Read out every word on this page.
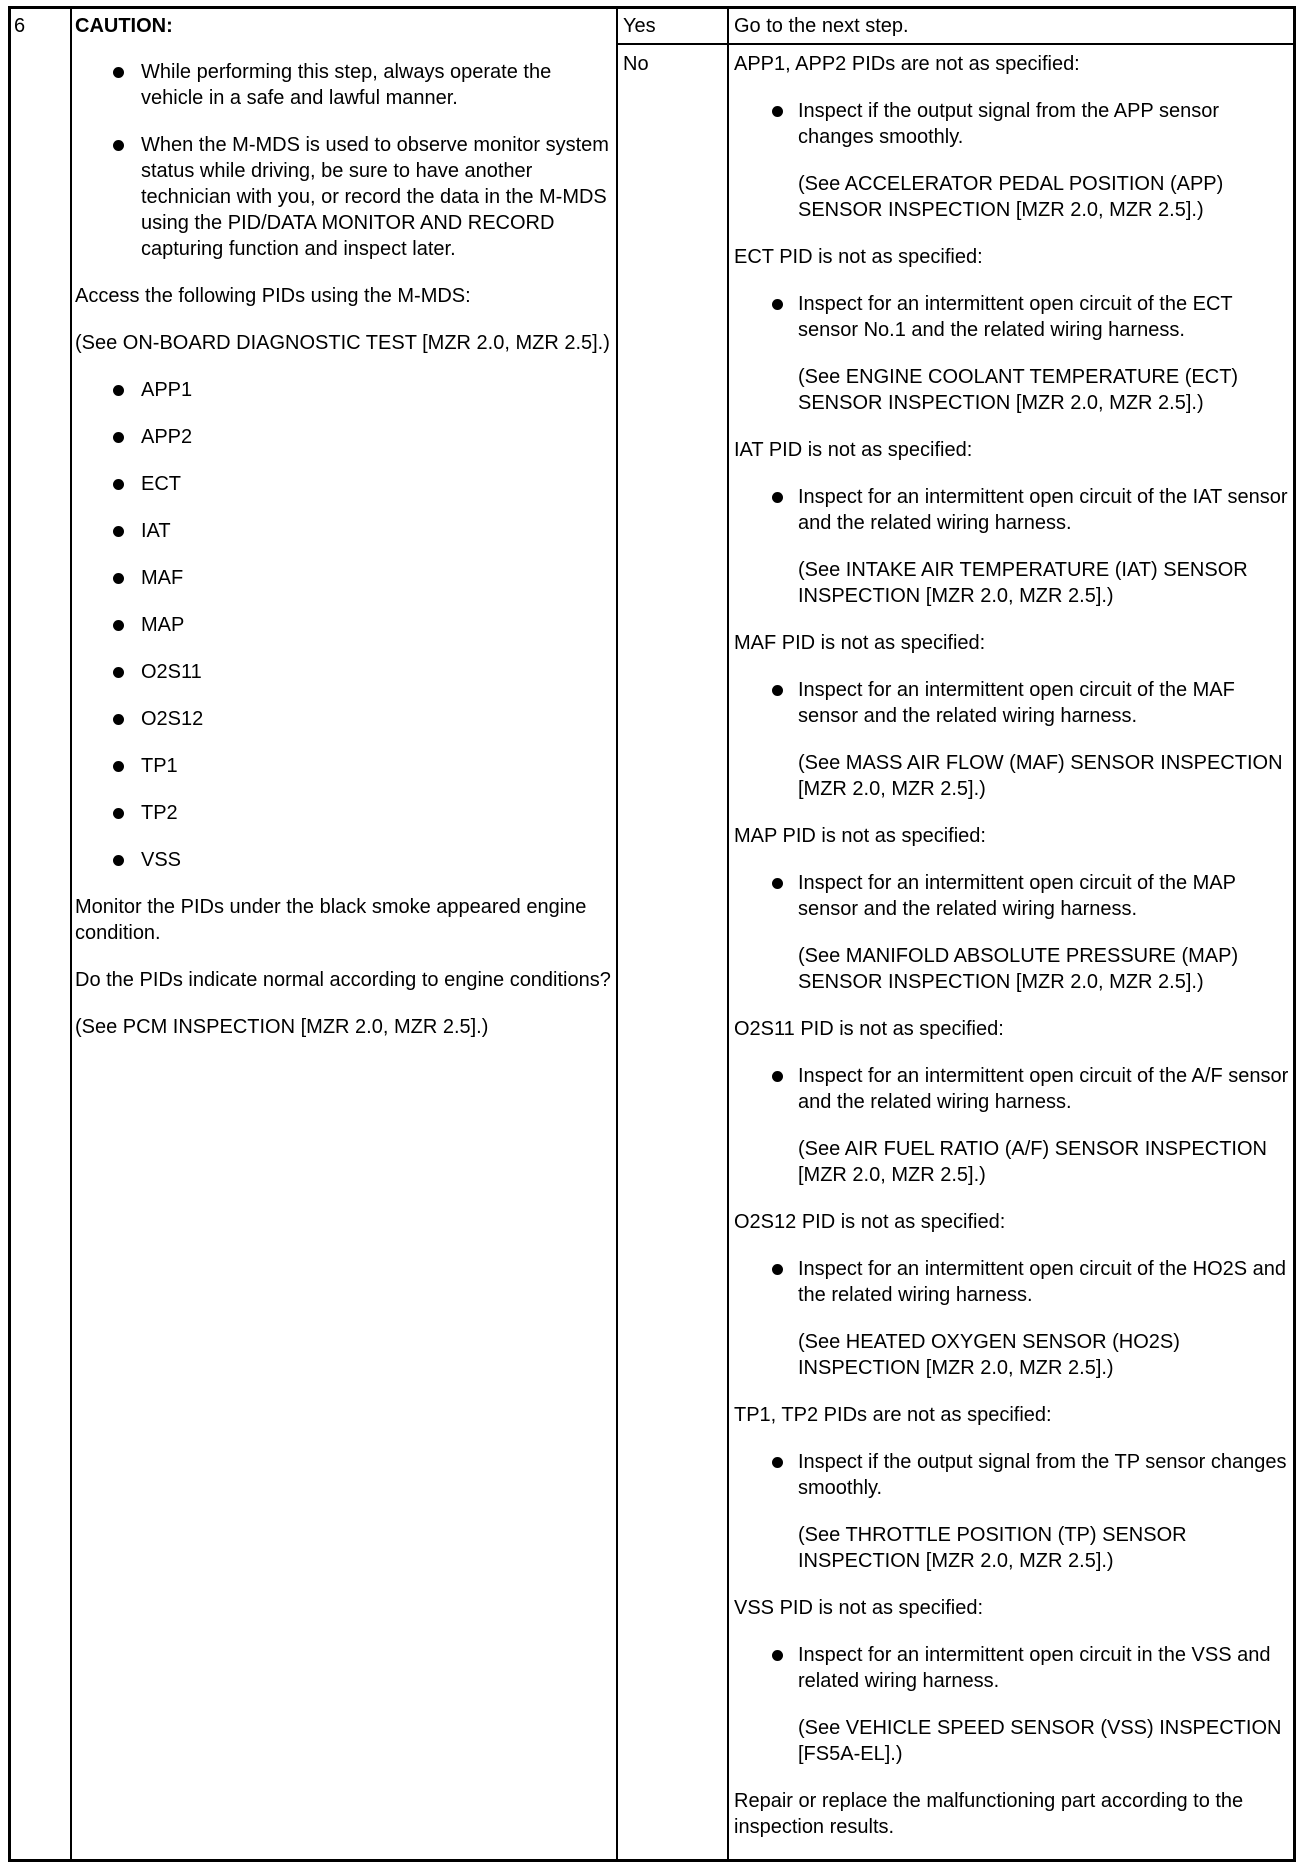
6 CAUTION:

While performing this step, always operate the vehicle in a safe and lawful manner.
When the M-MDS is used to observe monitor system status while driving, be sure to have another technician with you, or record the data in the M-MDS using the PID/DATA MONITOR AND RECORD capturing function and inspect later.

Access the following PIDs using the M-MDS:

(See ON-BOARD DIAGNOSTIC TEST [MZR 2.0, MZR 2.5].)

APP1
APP2
ECT
IAT
MAF
MAP
O2S11
O2S12
TP1
TP2
VSS

Monitor the PIDs under the black smoke appeared engine condition.

Do the PIDs indicate normal according to engine conditions?

(See PCM INSPECTION [MZR 2.0, MZR 2.5].)

Yes	Go to the next step.
No	APP1, APP2 PIDs are not as specified:

Inspect if the output signal from the APP sensor changes smoothly.

(See ACCELERATOR PEDAL POSITION (APP) SENSOR INSPECTION [MZR 2.0, MZR 2.5].)

ECT PID is not as specified:

Inspect for an intermittent open circuit of the ECT sensor No.1 and the related wiring harness.

(See ENGINE COOLANT TEMPERATURE (ECT) SENSOR INSPECTION [MZR 2.0, MZR 2.5].)

IAT PID is not as specified:

Inspect for an intermittent open circuit of the IAT sensor and the related wiring harness.

(See INTAKE AIR TEMPERATURE (IAT) SENSOR INSPECTION [MZR 2.0, MZR 2.5].)

MAF PID is not as specified:

Inspect for an intermittent open circuit of the MAF sensor and the related wiring harness.

(See MASS AIR FLOW (MAF) SENSOR INSPECTION [MZR 2.0, MZR 2.5].)

MAP PID is not as specified:

Inspect for an intermittent open circuit of the MAP sensor and the related wiring harness.

(See MANIFOLD ABSOLUTE PRESSURE (MAP) SENSOR INSPECTION [MZR 2.0, MZR 2.5].)

O2S11 PID is not as specified:

Inspect for an intermittent open circuit of the A/F sensor and the related wiring harness.

(See AIR FUEL RATIO (A/F) SENSOR INSPECTION [MZR 2.0, MZR 2.5].)

O2S12 PID is not as specified:

Inspect for an intermittent open circuit of the HO2S and the related wiring harness.

(See HEATED OXYGEN SENSOR (HO2S) INSPECTION [MZR 2.0, MZR 2.5].)

TP1, TP2 PIDs are not as specified:

Inspect if the output signal from the TP sensor changes smoothly.

(See THROTTLE POSITION (TP) SENSOR INSPECTION [MZR 2.0, MZR 2.5].)

VSS PID is not as specified:

Inspect for an intermittent open circuit in the VSS and related wiring harness.

(See VEHICLE SPEED SENSOR (VSS) INSPECTION [FS5A-EL].)

Repair or replace the malfunctioning part according to the inspection results.
